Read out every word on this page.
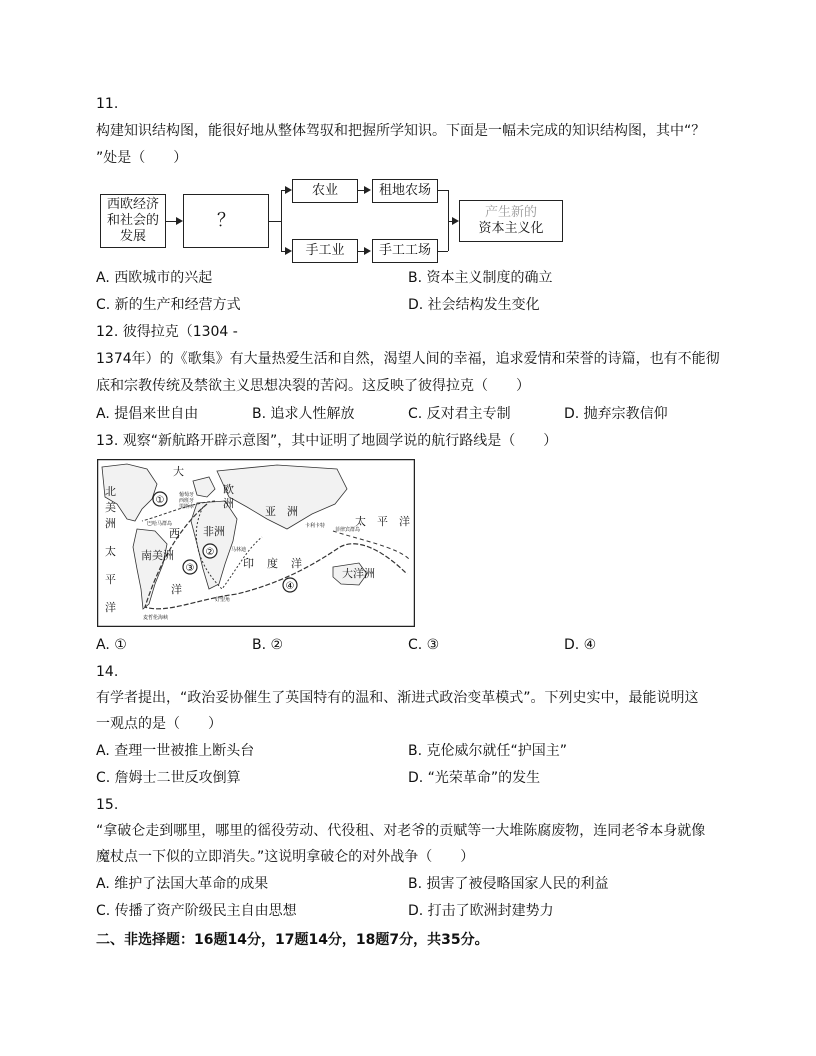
11.
构建知识结构图，能很好地从整体驾驭和把握所学知识。下面是一幅未完成的知识结构图，其中“？
”处是（　　）
西欧经济
和社会的
发展
？
农业
手工业
租地农场
手工工场
产生新的
资本主义化
A. 西欧城市的兴起	B. 资本主义制度的确立
C. 新的生产和经营方式	D. 社会结构发生变化
12. 彼得拉克（1304 -
1374年）的《歌集》有大量热爱生活和自然，渴望人间的幸福，追求爱情和荣誉的诗篇，也有不能彻
底和宗教传统及禁欲主义思想决裂的苦闷。这反映了彼得拉克（　　）
A. 提倡来世自由	B. 追求人性解放	C. 反对君主专制	D. 抛弃宗教信仰
13. 观察“新航路开辟示意图”，其中证明了地圆学说的航行路线是（　　）
①
②
③
④
北
美
洲
大
欧
洲
亚 洲
非洲
西
南美洲
印 度 洋
太 平 洋
太
平
洋
大洋洲
洋
葡萄牙
西班牙
里斯本
巴哈马群岛	卡利卡特
马林迪
菲律宾群岛
好望角
麦哲伦海峡
A. ①	B. ②	C. ③	D. ④
14.
有学者提出，“政治妥协催生了英国特有的温和、渐进式政治变革模式”。下列史实中，最能说明这
一观点的是（　　）
A. 查理一世被推上断头台	B. 克伦威尔就任“护国主”
C. 詹姆士二世反攻倒算	D. “光荣革命”的发生
15.
“拿破仑走到哪里，哪里的徭役劳动、代役租、对老爷的贡赋等一大堆陈腐废物，连同老爷本身就像
魔杖点一下似的立即消失。”这说明拿破仑的对外战争（　　）
A. 维护了法国大革命的成果	B. 损害了被侵略国家人民的利益
C. 传播了资产阶级民主自由思想	D. 打击了欧洲封建势力
二、非选择题：16题14分，17题14分，18题7分，共35分。
